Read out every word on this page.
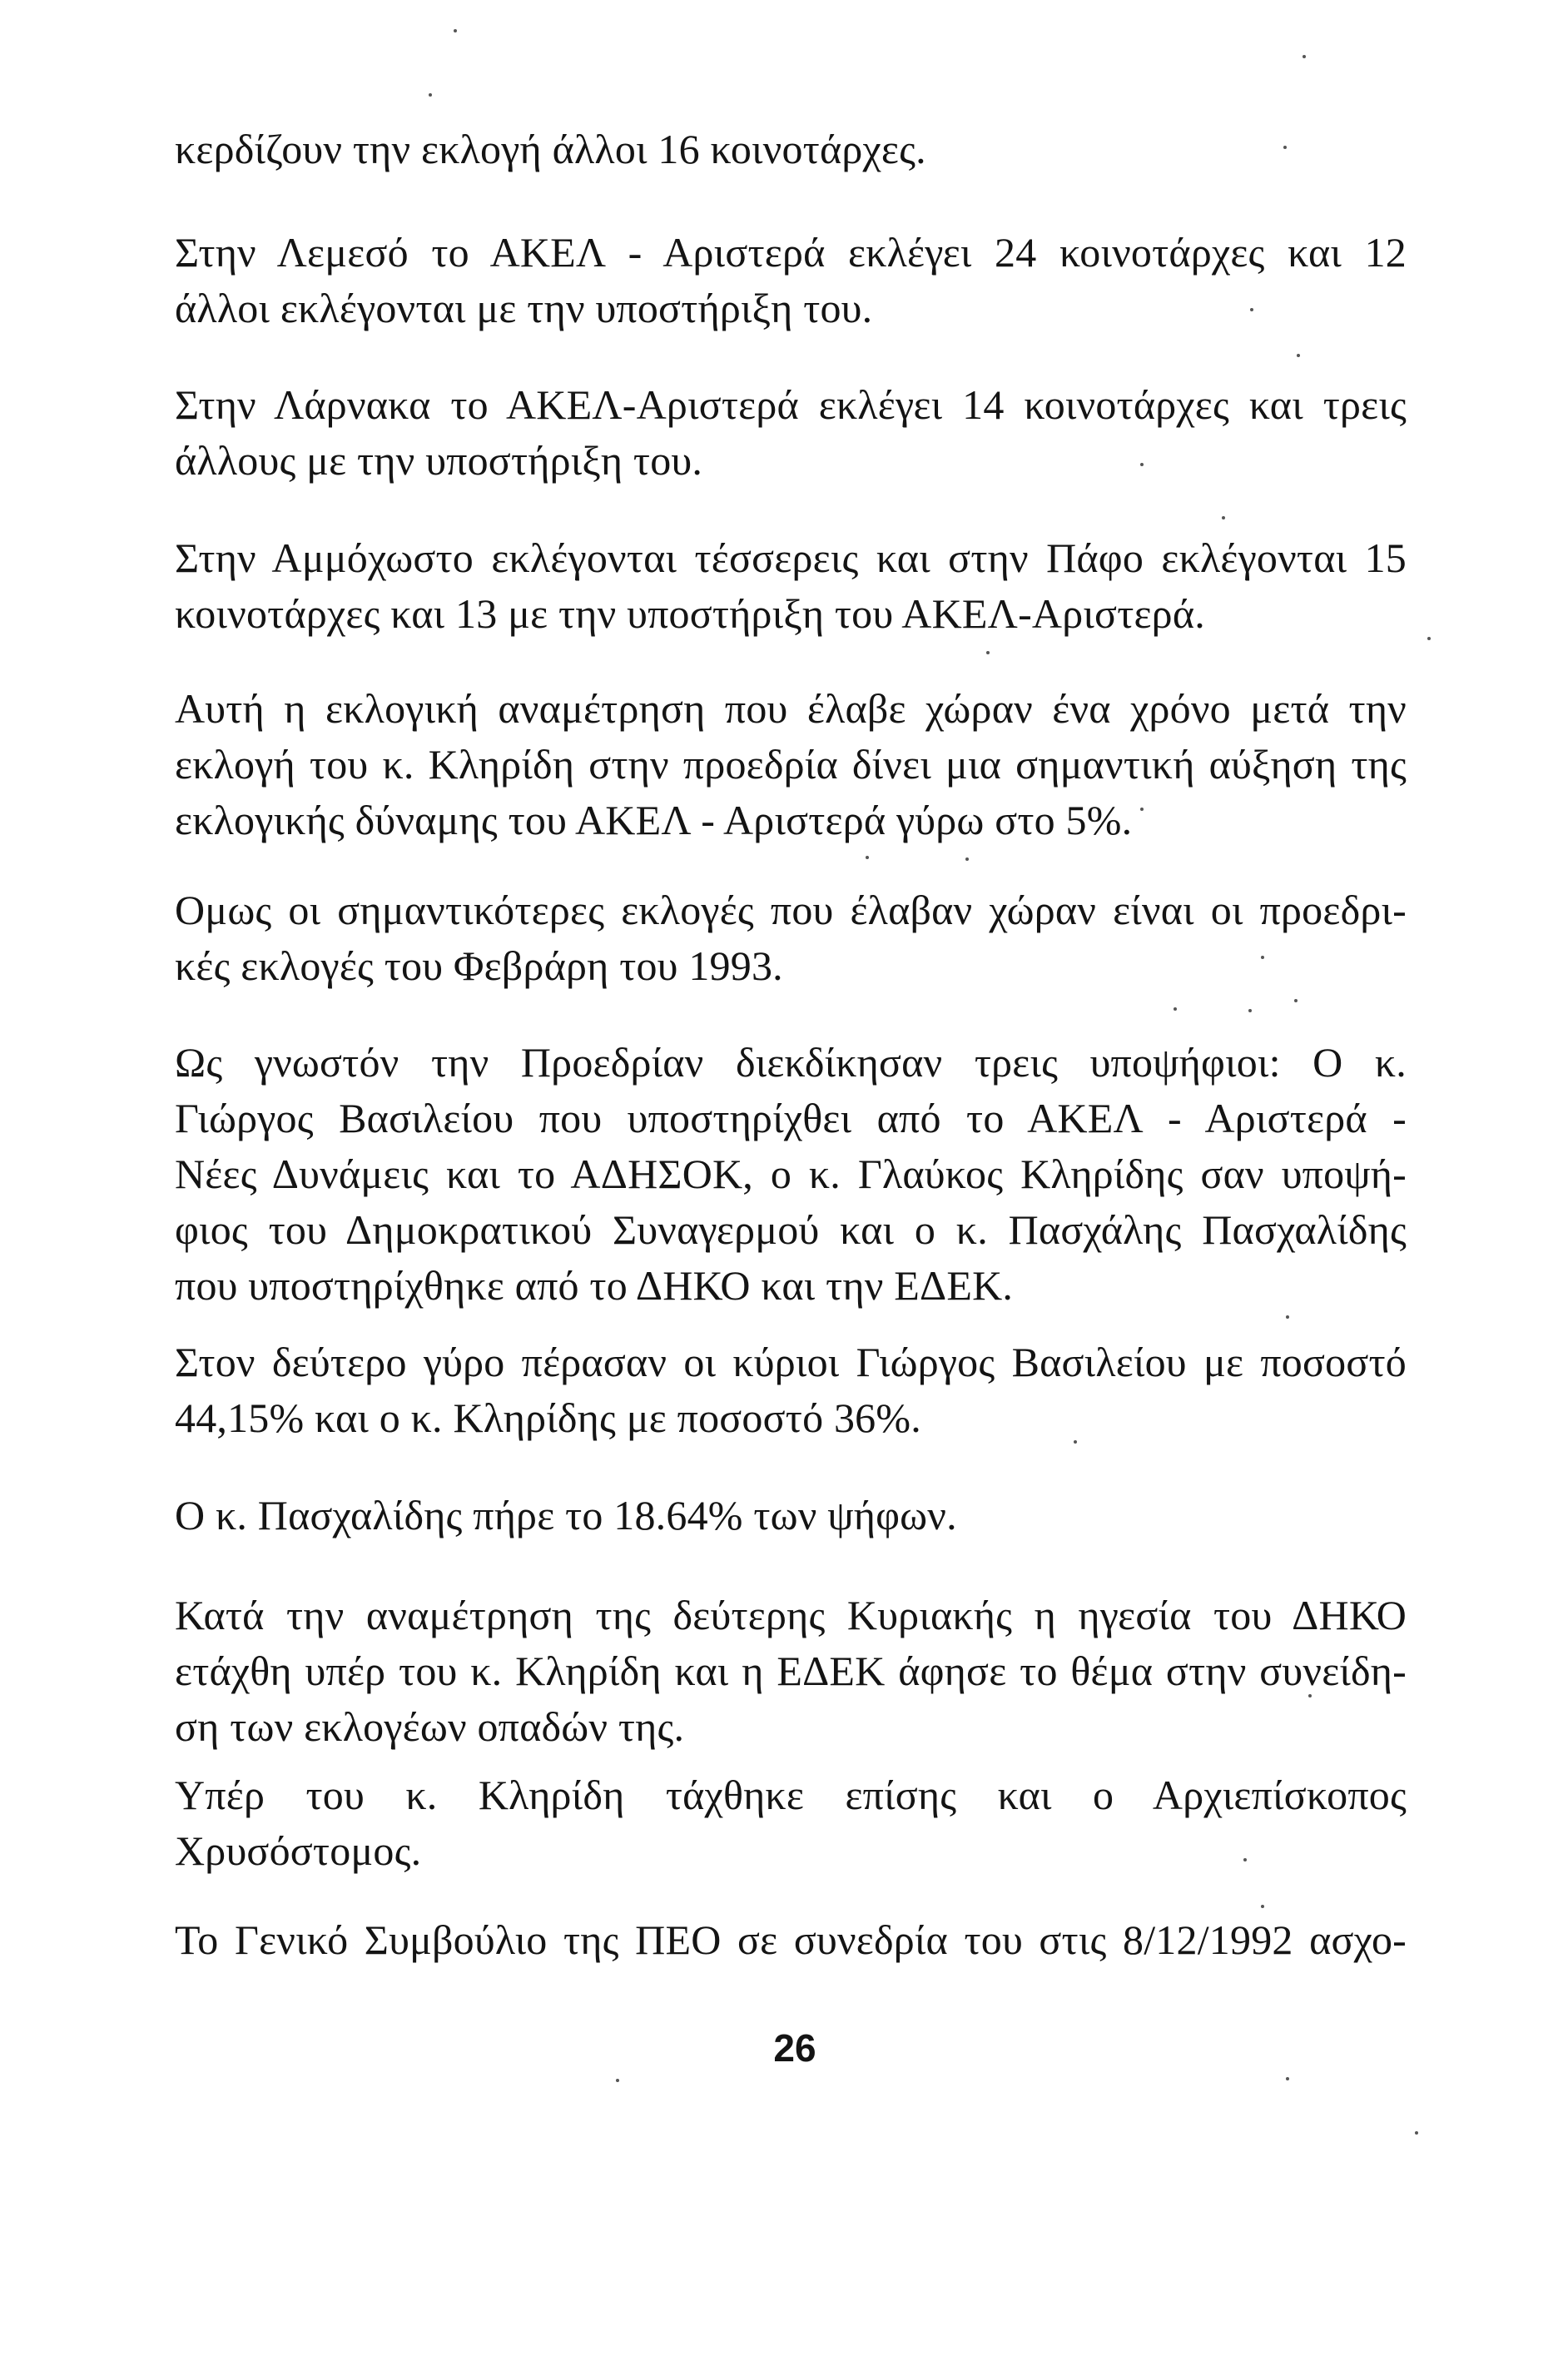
κερδίζουν την εκλογή άλλοι 16 κοινοτάρχες.

Στην Λεμεσό το ΑΚΕΛ - Αριστερά εκλέγει 24 κοινοτάρχες και 12
άλλοι εκλέγονται με την υποστήριξη του.

Στην Λάρνακα το ΑΚΕΛ-Αριστερά εκλέγει 14 κοινοτάρχες και τρεις
άλλους με την υποστήριξη του.

Στην Αμμόχωστο εκλέγονται τέσσερεις και στην Πάφο εκλέγονται 15
κοινοτάρχες και 13 με την υποστήριξη του ΑΚΕΛ-Αριστερά.

Αυτή η εκλογική αναμέτρηση που έλαβε χώραν ένα χρόνο μετά την
εκλογή του κ. Κληρίδη στην προεδρία δίνει μια σημαντική αύξηση της
εκλογικής δύναμης του ΑΚΕΛ - Αριστερά γύρω στο 5%.

Ομως οι σημαντικότερες εκλογές που έλαβαν χώραν είναι οι προεδρι-
κές εκλογές του Φεβράρη του 1993.

Ως γνωστόν την Προεδρίαν διεκδίκησαν τρεις υποψήφιοι: Ο κ.
Γιώργος Βασιλείου που υποστηρίχθει από το ΑΚΕΛ - Αριστερά -
Νέες Δυνάμεις και το ΑΔΗΣΟΚ, ο κ. Γλαύκος Κληρίδης σαν υποψή-
φιος του Δημοκρατικού Συναγερμού και ο κ. Πασχάλης Πασχαλίδης
που υποστηρίχθηκε από το ΔΗΚΟ και την ΕΔΕΚ.

Στον δεύτερο γύρο πέρασαν οι κύριοι Γιώργος Βασιλείου με ποσοστό
44,15% και ο κ. Κληρίδης με ποσοστό 36%.

Ο κ. Πασχαλίδης πήρε το 18.64% των ψήφων.

Κατά την αναμέτρηση της δεύτερης Κυριακής η ηγεσία του ΔΗΚΟ
ετάχθη υπέρ του κ. Κληρίδη και η ΕΔΕΚ άφησε το θέμα στην συνείδη-
ση των εκλογέων οπαδών της.

Υπέρ του κ. Κληρίδη τάχθηκε επίσης και ο Αρχιεπίσκοπος
Χρυσόστομος.

Το Γενικό Συμβούλιο της ΠΕΟ σε συνεδρία του στις 8/12/1992 ασχο-

26
